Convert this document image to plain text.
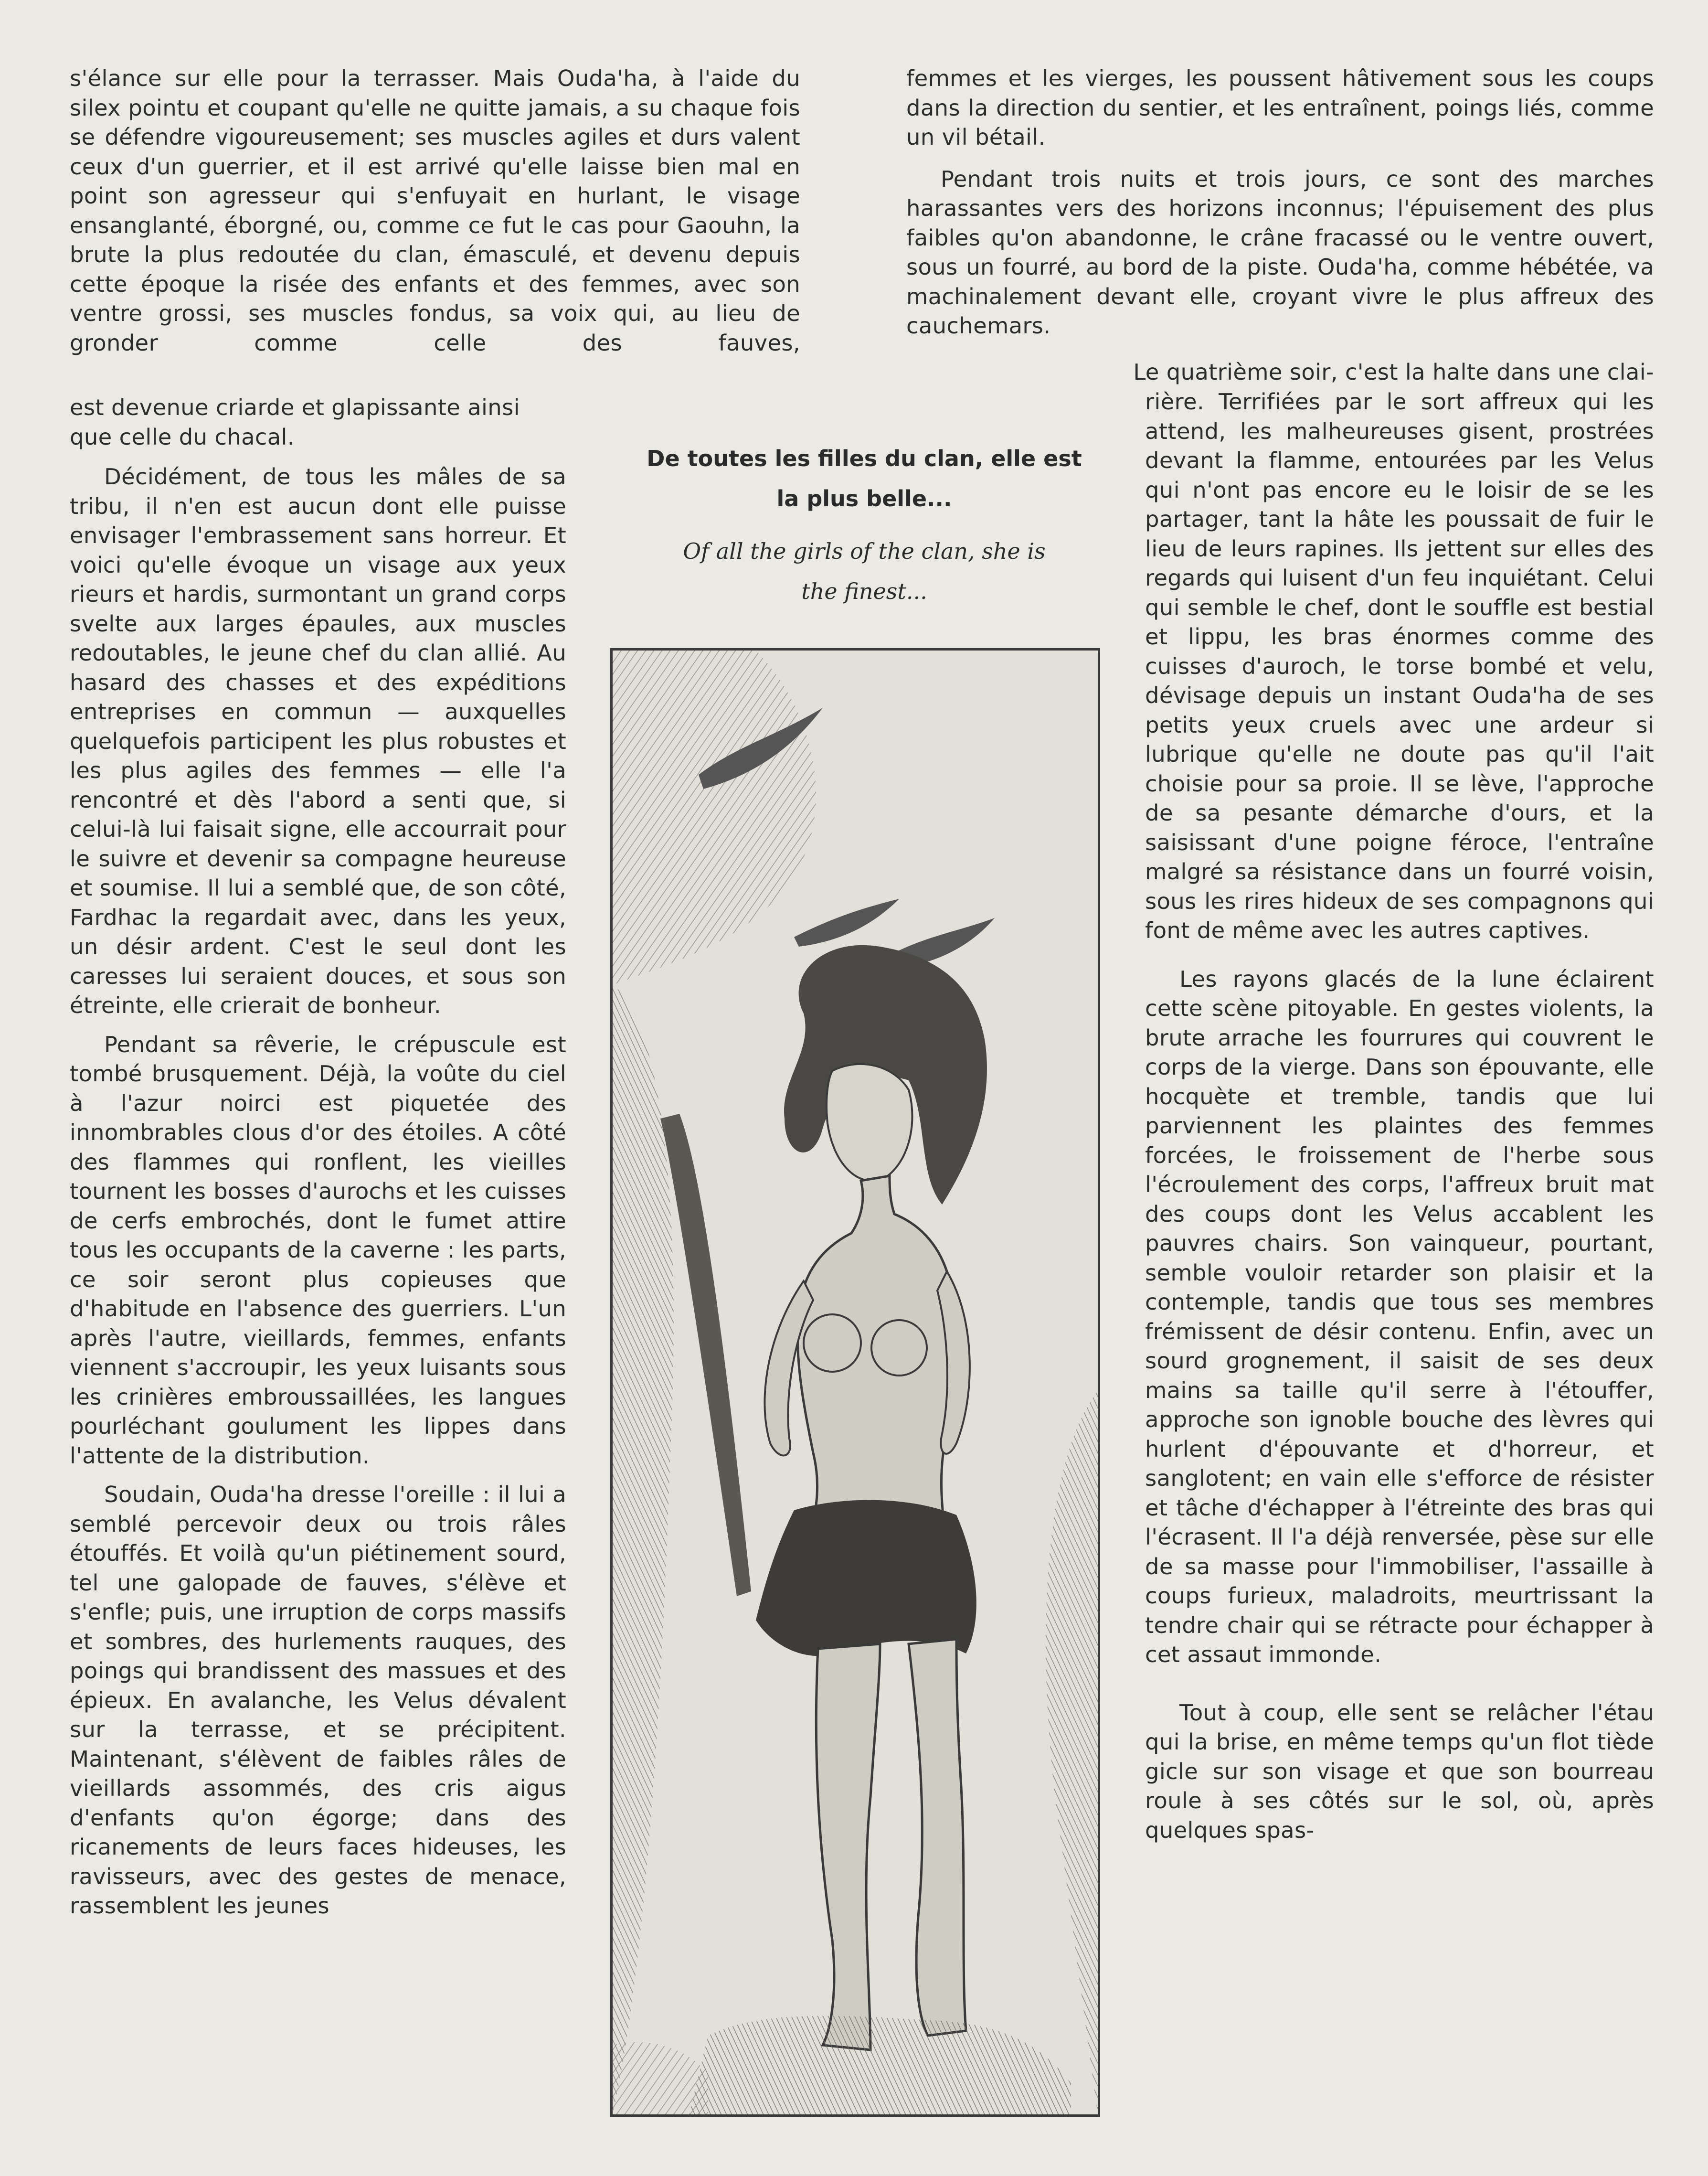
s'élance sur elle pour la terrasser. Mais Ouda'ha, à l'aide du silex pointu et coupant qu'elle ne quitte jamais, a su chaque fois se défendre vigoureusement; ses muscles agiles et durs valent ceux d'un guerrier, et il est arrivé qu'elle laisse bien mal en point son agresseur qui s'enfuyait en hurlant, le visage ensanglanté, éborgné, ou, comme ce fut le cas pour Gaouhn, la brute la plus redoutée du clan, émasculé, et devenu depuis cette époque la risée des enfants et des femmes, avec son ventre grossi, ses muscles fondus, sa voix qui, au lieu de gronder comme celle des fauves,

est devenue criarde et glapissante ainsi que celle du chacal.

Décidément, de tous les mâles de sa tribu, il n'en est aucun dont elle puisse envisager l'embrassement sans horreur. Et voici qu'elle évoque un visage aux yeux rieurs et hardis, surmontant un grand corps svelte aux larges épaules, aux muscles redoutables, le jeune chef du clan allié. Au hasard des chasses et des expéditions entreprises en commun — auxquelles quelquefois participent les plus robustes et les plus agiles des femmes — elle l'a rencontré et dès l'abord a senti que, si celui-là lui faisait signe, elle accourrait pour le suivre et devenir sa compagne heureuse et soumise. Il lui a semblé que, de son côté, Fardhac la regardait avec, dans les yeux, un désir ardent. C'est le seul dont les caresses lui seraient douces, et sous son étreinte, elle crierait de bonheur.

Pendant sa rêverie, le crépuscule est tombé brusquement. Déjà, la voûte du ciel à l'azur noirci est piquetée des innombrables clous d'or des étoiles. A côté des flammes qui ronflent, les vieilles tournent les bosses d'aurochs et les cuisses de cerfs embrochés, dont le fumet attire tous les occupants de la caverne : les parts, ce soir seront plus copieuses que d'habitude en l'absence des guerriers. L'un après l'autre, vieillards, femmes, enfants viennent s'accroupir, les yeux luisants sous les crinières embroussaillées, les langues pourléchant goulument les lippes dans l'attente de la distribution.

Soudain, Ouda'ha dresse l'oreille : il lui a semblé percevoir deux ou trois râles étouffés. Et voilà qu'un piétinement sourd, tel une galopade de fauves, s'élève et s'enfle; puis, une irruption de corps massifs et sombres, des hurlements rauques, des poings qui brandissent des massues et des épieux. En avalanche, les Velus dévalent sur la terrasse, et se précipitent. Maintenant, s'élèvent de faibles râles de vieillards assommés, des cris aigus d'enfants qu'on égorge; dans des ricanements de leurs faces hideuses, les ravisseurs, avec des gestes de menace, rassemblent les jeunes

femmes et les vierges, les poussent hâtivement sous les coups dans la direction du sentier, et les entraînent, poings liés, comme un vil bétail.

Pendant trois nuits et trois jours, ce sont des marches harassantes vers des horizons inconnus; l'épuisement des plus faibles qu'on abandonne, le crâne fracassé ou le ventre ouvert, sous un fourré, au bord de la piste. Ouda'ha, comme hébétée, va machinalement devant elle, croyant vivre le plus affreux des cauchemars.

Le quatrième soir, c'est la halte dans une clai-

rière. Terrifiées par le sort affreux qui les attend, les malheureuses gisent, prostrées devant la flamme, entourées par les Velus qui n'ont pas encore eu le loisir de se les partager, tant la hâte les poussait de fuir le lieu de leurs rapines. Ils jettent sur elles des regards qui luisent d'un feu inquiétant. Celui qui semble le chef, dont le souffle est bestial et lippu, les bras énormes comme des cuisses d'auroch, le torse bombé et velu, dévisage depuis un instant Ouda'ha de ses petits yeux cruels avec une ardeur si lubrique qu'elle ne doute pas qu'il l'ait choisie pour sa proie. Il se lève, l'approche de sa pesante démarche d'ours, et la saisissant d'une poigne féroce, l'entraîne malgré sa résistance dans un fourré voisin, sous les rires hideux de ses compagnons qui font de même avec les autres captives.

Les rayons glacés de la lune éclairent cette scène pitoyable. En gestes violents, la brute arrache les fourrures qui couvrent le corps de la vierge. Dans son épouvante, elle hocquète et tremble, tandis que lui parviennent les plaintes des femmes forcées, le froissement de l'herbe sous l'écroulement des corps, l'affreux bruit mat des coups dont les Velus accablent les pauvres chairs. Son vainqueur, pourtant, semble vouloir retarder son plaisir et la contemple, tandis que tous ses membres frémissent de désir contenu. Enfin, avec un sourd grognement, il saisit de ses deux mains sa taille qu'il serre à l'étouffer, approche son ignoble bouche des lèvres qui hurlent d'épouvante et d'horreur, et sanglotent; en vain elle s'efforce de résister et tâche d'échapper à l'étreinte des bras qui l'écrasent. Il l'a déjà renversée, pèse sur elle de sa masse pour l'immobiliser, l'assaille à coups furieux, maladroits, meurtrissant la tendre chair qui se rétracte pour échapper à cet assaut immonde.

Tout à coup, elle sent se relâcher l'étau qui la brise, en même temps qu'un flot tiède gicle sur son visage et que son bourreau roule à ses côtés sur le sol, où, après quelques spas-

De toutes les filles du clan, elle est
la plus belle...
Of all the girls of the clan, she is
the finest...
